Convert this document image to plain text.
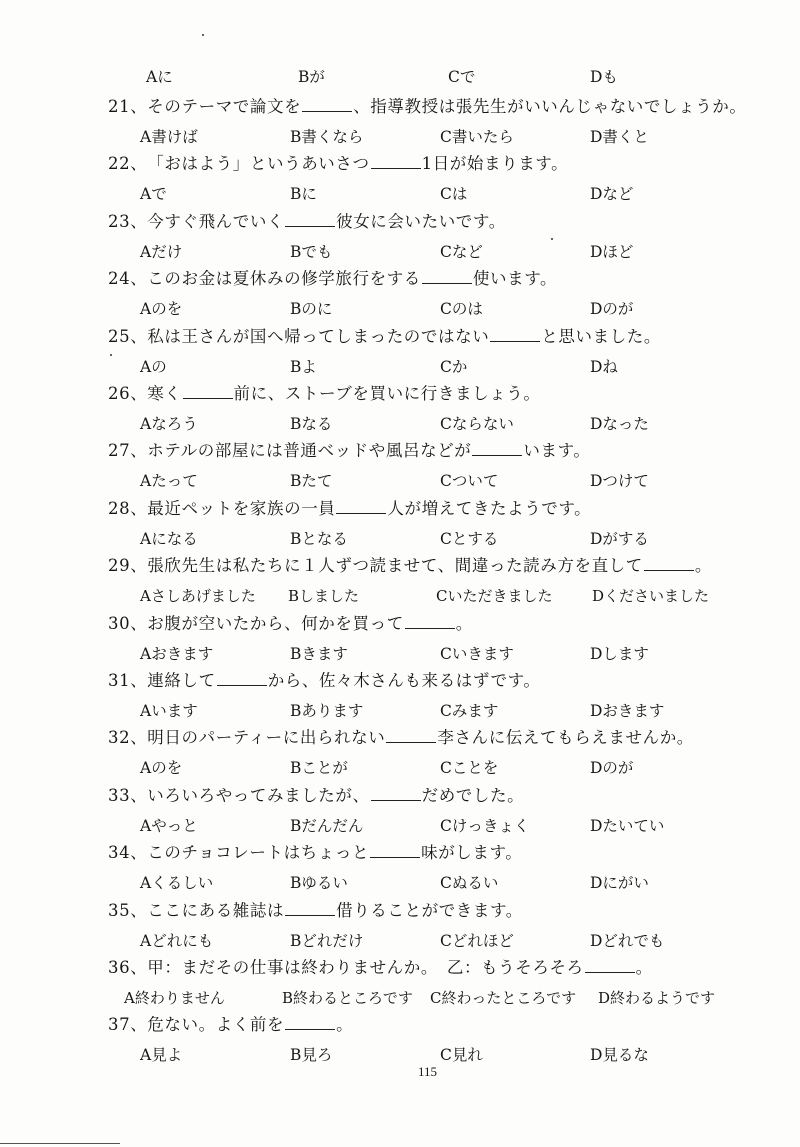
Aに	Bが	Cで	Dも
21、そのテーマで論文を	、指導教授は張先生がいいんじゃないでしょうか。
A書けば	B書くなら	C書いたら	D書くと
22、「おはよう」というあいさつ	1日が始まります。
Aで	Bに	Cは	Dなど
23、今すぐ飛んでいく	彼女に会いたいです。
Aだけ	Bでも	Cなど	Dほど
24、このお金は夏休みの修学旅行をする	使います。
Aのを	Bのに	Cのは	Dのが
25、私は王さんが国へ帰ってしまったのではない	と思いました。
Aの	Bよ	Cか	Dね
26、寒く	前に、ストーブを買いに行きましょう。
Aなろう	Bなる	Cならない	Dなった
27、ホテルの部屋には普通ベッドや風呂などが	います。
Aたって	Bたて	Cついて	Dつけて
28、最近ペットを家族の一員	人が増えてきたようです。
Aになる	Bとなる	Cとする	Dがする
29、張欣先生は私たちに１人ずつ読ませて、間違った読み方を直して	。
Aさしあげました Bしました	Cいただきました	Dくださいました
30、お腹が空いたから、何かを買って	。
Aおきます	Bきます	Cいきます	Dします
31、連絡して	から、佐々木さんも来るはずです。
Aいます	Bあります	Cみます	Dおきます
32、明日のパーティーに出られない	李さんに伝えてもらえませんか。
Aのを	Bことが	Cことを	Dのが
33、いろいろやってみましたが、	だめでした。
Aやっと	Bだんだん	Cけっきょく	Dたいてい
34、このチョコレートはちょっと	味がします。
Aくるしい	Bゆるい	Cぬるい	Dにがい
35、ここにある雑誌は	借りることができます。
Aどれにも	Bどれだけ	Cどれほど	Dどれでも
36、甲：まだその仕事は終わりませんか。　乙：もうそろそろ	。
A終わりません	B終わるところです C終わったところです D終わるようです
37、危ない。よく前を	。
A見よ	B見ろ	C見れ	D見るな
115
